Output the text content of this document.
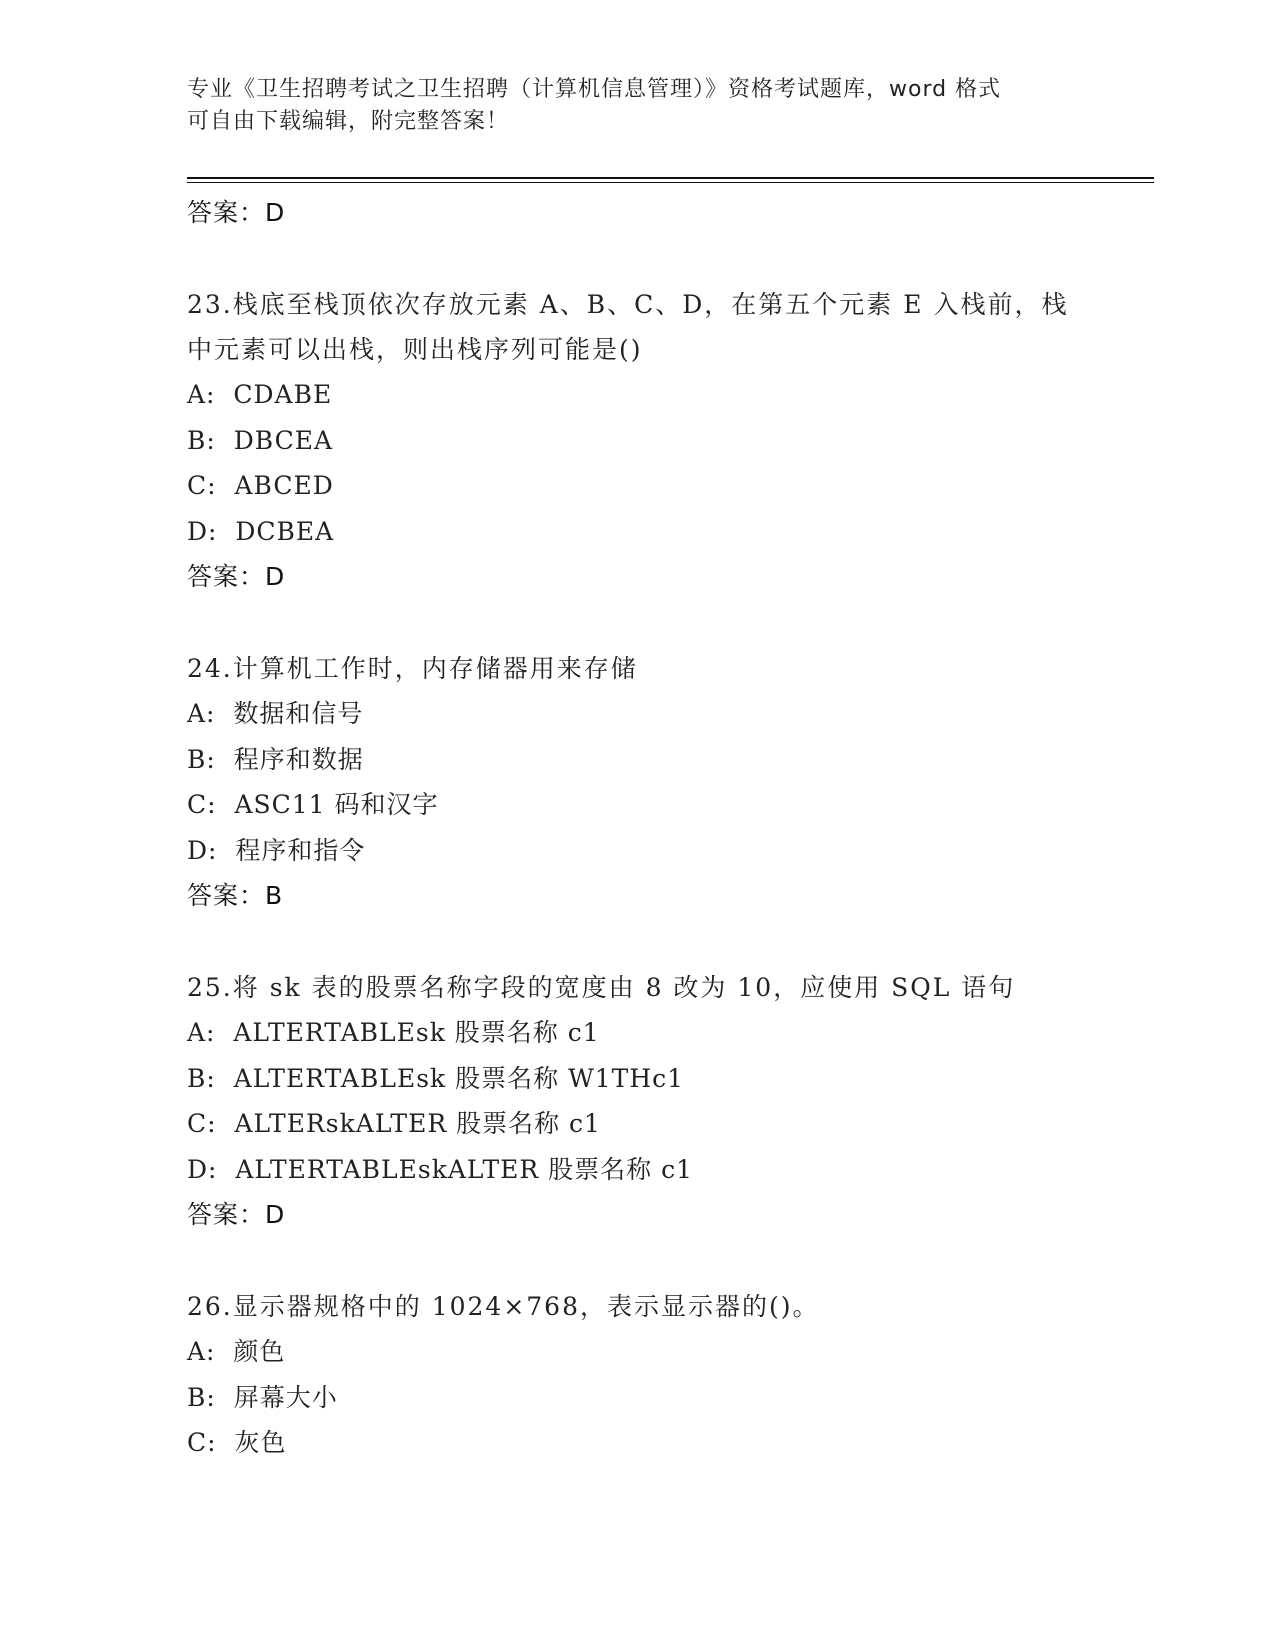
专业《卫生招聘考试之卫生招聘（计算机信息管理）》资格考试题库，word 格式
可自由下载编辑，附完整答案！
答案：D
23.栈底至栈顶依次存放元素 A、B、C、D，在第五个元素 E 入栈前，栈中元素可以出栈，则出栈序列可能是()
A:  CDABE
B:  DBCEA
C:  ABCED
D:  DCBEA
答案：D
24.计算机工作时，内存储器用来存储
A:  数据和信号
B:  程序和数据
C:  ASC11 码和汉字
D:  程序和指令
答案：B
25.将 sk 表的股票名称字段的宽度由 8 改为 10，应使用 SQL 语句
A:  ALTERTABLEsk 股票名称 c1
B:  ALTERTABLEsk 股票名称 W1THc1
C:  ALTERskALTER 股票名称 c1
D:  ALTERTABLEskALTER 股票名称 c1
答案：D
26.显示器规格中的 1024×768，表示显示器的()。
A:  颜色
B:  屏幕大小
C:  灰色
